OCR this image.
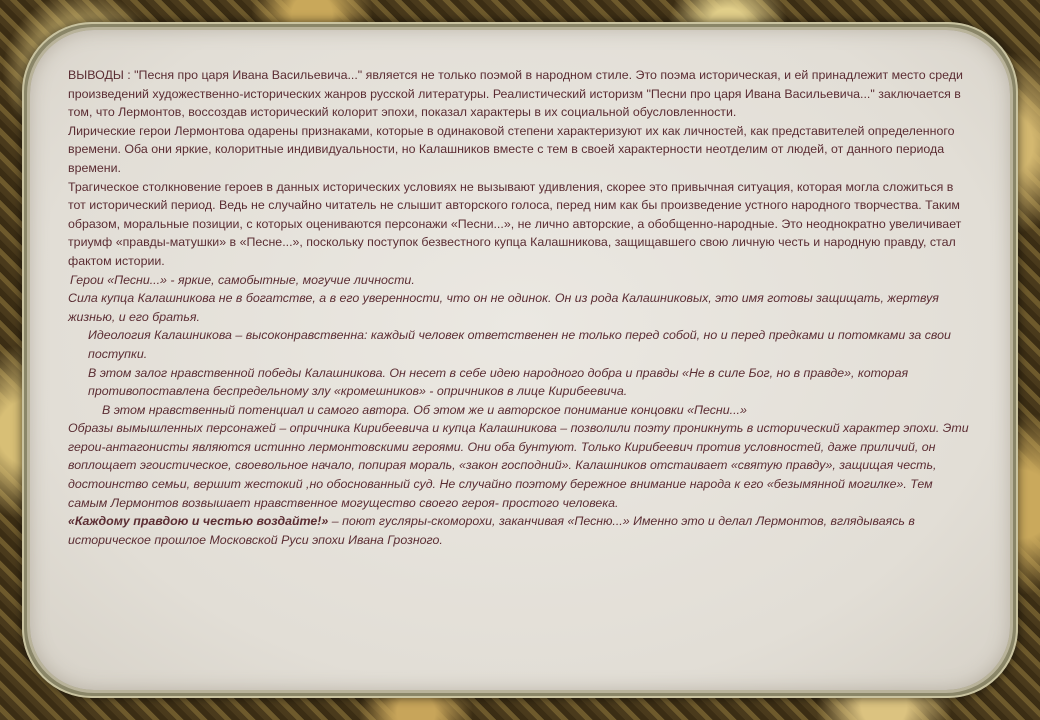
ВЫВОДЫ : "Песня про царя Ивана Васильевича..." является не только поэмой в народном стиле. Это поэма историческая, и ей принадлежит место среди произведений художественно-исторических жанров русской литературы. Реалистический историзм "Песни про царя Ивана Васильевича..." заключается в том, что Лермонтов, воссоздав исторический колорит эпохи, показал характеры в их социальной обусловленности.

Лирические герои Лермонтова одарены признаками, которые в одинаковой степени характеризуют их как личностей, как представителей определенного времени. Оба они яркие, колоритные индивидуальности, но Калашников вместе с тем в своей характерности неотделим от людей, от данного периода времени.

Трагическое столкновение героев в данных исторических условиях не вызывают удивления, скорее это привычная ситуация, которая могла сложиться в тот исторический период. Ведь не случайно читатель не слышит авторского голоса, перед ним как бы произведение устного народного творчества. Таким образом, моральные позиции, с которых оцениваются персонажи «Песни...», не лично авторские, а обобщенно-народные. Это неоднократно увеличивает триумф «правды-матушки» в «Песне...», поскольку поступок безвестного купца Калашникова, защищавшего свою личную честь и народную правду, стал фактом истории.

Герои «Песни...» - яркие, самобытные, могучие личности.

Сила купца Калашникова не в богатстве, а в его уверенности, что он не одинок. Он из рода Калашниковых, это имя готовы защищать, жертвуя жизнью, и его братья.

Идеология Калашникова – высоконравственна: каждый человек ответственен не только перед собой, но и перед предками и потомками за свои поступки.

В этом залог нравственной победы Калашникова. Он несет в себе идею народного добра и правды «Не в силе Бог, но в правде», которая противопоставлена беспредельному злу «кромешников» - опричников в лице Кирибеевича.

В этом нравственный потенциал и самого автора. Об этом же и авторское понимание концовки «Песни...»

Образы вымышленных персонажей – опричника Кирибеевича и купца Калашникова – позволили поэту проникнуть в исторический характер эпохи. Эти герои-антагонисты являются истинно лермонтовскими героями. Они оба бунтуют. Только Кирибеевич против условностей, даже приличий, он воплощает эгоистическое, своевольное начало, попирая мораль, «закон господний». Калашников отстаивает «святую правду», защищая честь, достоинство семьи, вершит жестокий ,но обоснованный суд. Не случайно поэтому бережное внимание народа к его «безымянной могилке». Тем самым Лермонтов возвышает нравственное могущество своего героя- простого человека.

«Каждому правдою и честью воздайте!» – поют гусляры-скоморохи, заканчивая «Песню...» Именно это и делал Лермонтов, вглядываясь в историческое прошлое Московской Руси эпохи Ивана Грозного.
